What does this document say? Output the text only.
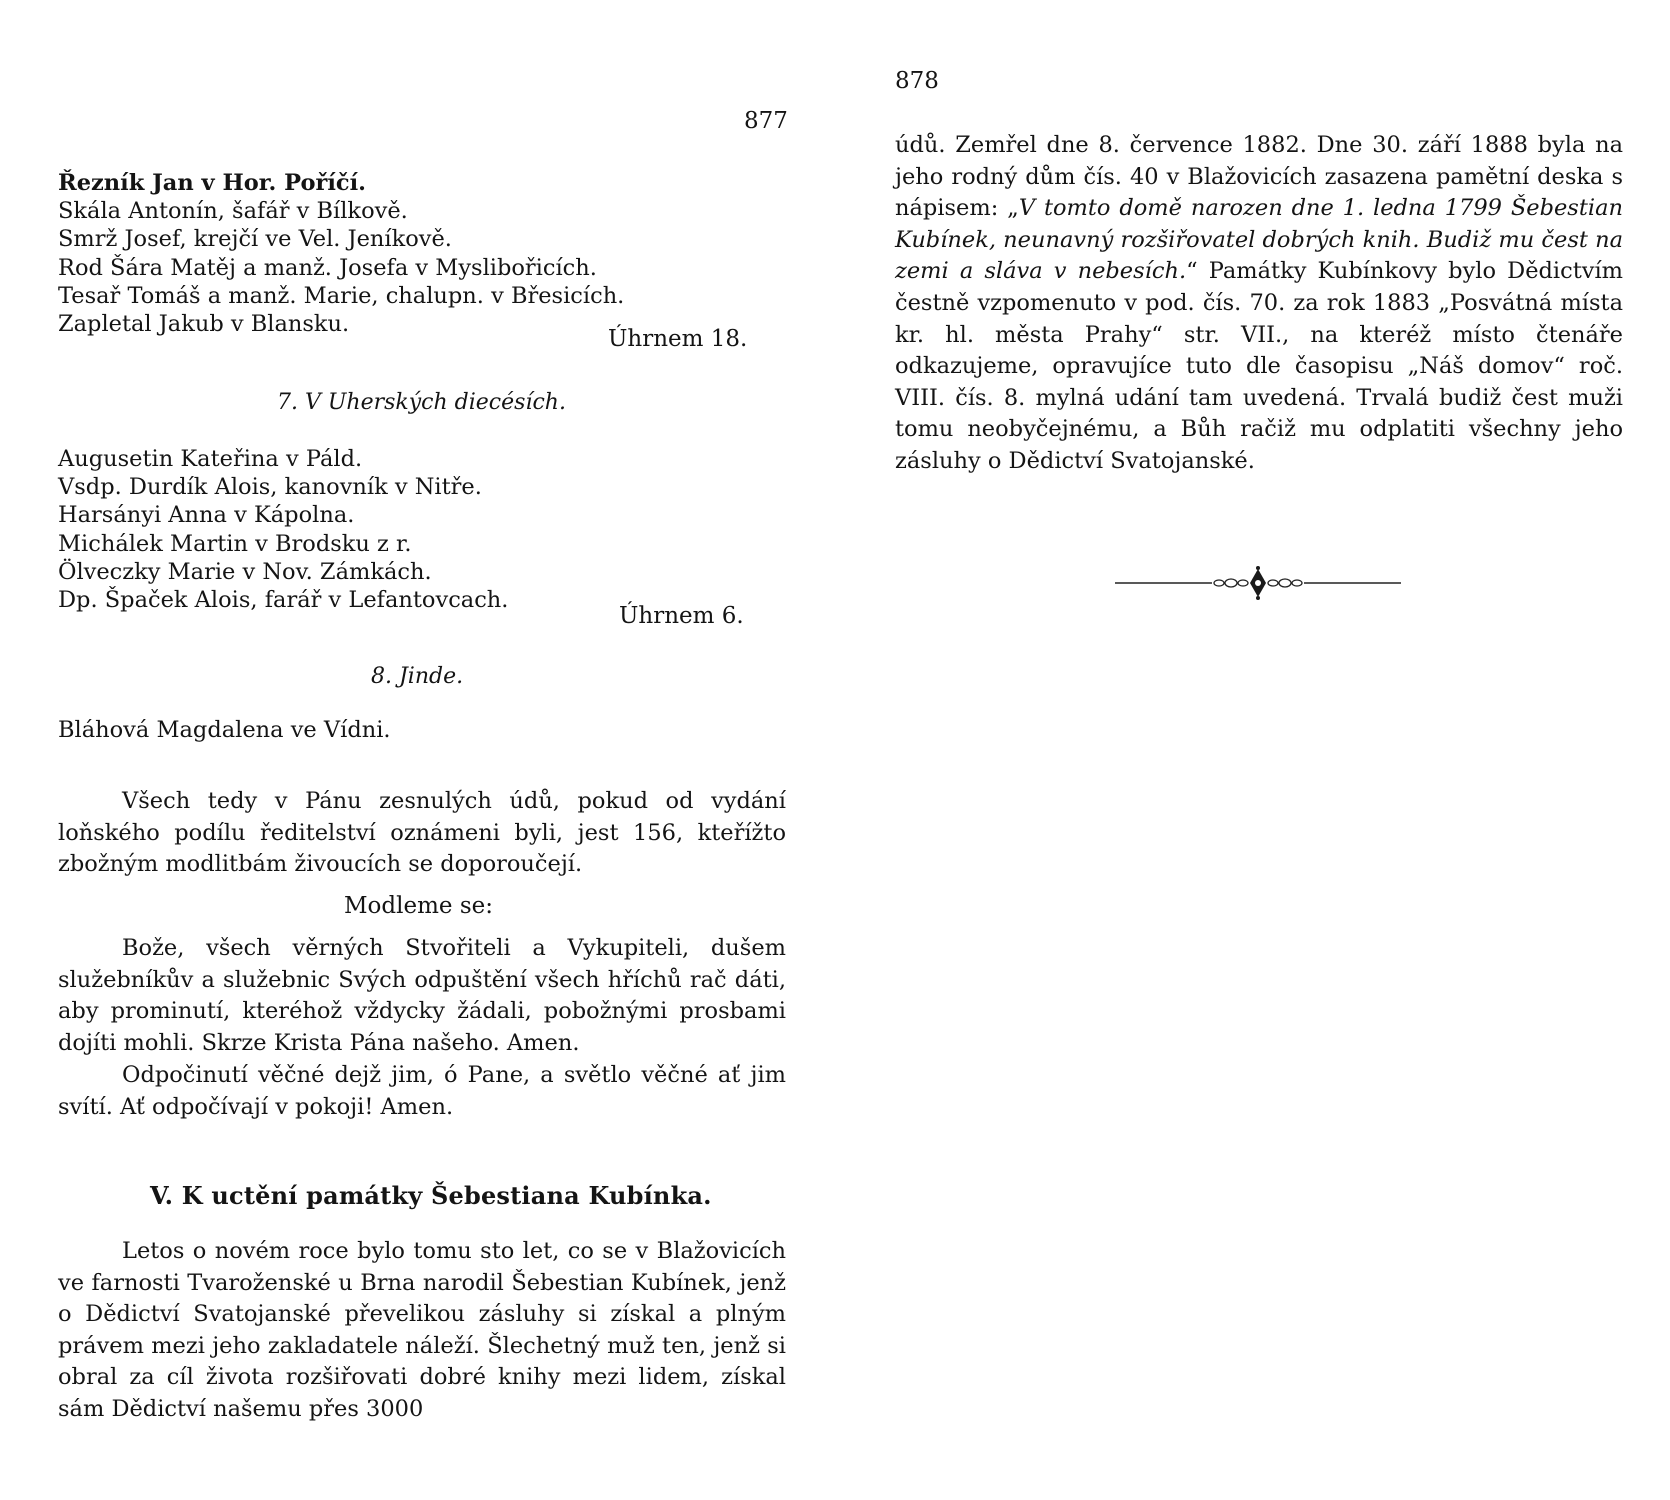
877
Řezník Jan v Hor. Poříčí.
Skála Antonín, šafář v Bílkově.
Smrž Josef, krejčí ve Vel. Jeníkově.
Rod Šára Matěj a manž. Josefa v Myslibořicích.
Tesař Tomáš a manž. Marie, chalupn. v Břesicích.
Zapletal Jakub v Blansku.
Úhrnem 18.
7. V Uherských diecésích.
Augusetin Kateřina v Páld.
Vsdp. Durdík Alois, kanovník v Nitře.
Harsányi Anna v Kápolna.
Michálek Martin v Brodsku z r.
Ölveczky Marie v Nov. Zámkách.
Dp. Špaček Alois, farář v Lefantovcach.
Úhrnem 6.
8. Jinde.
Bláhová Magdalena ve Vídni.

Všech tedy v Pánu zesnulých údů, pokud od vydání loňského podílu ředitelství oznámeni byli, jest 156, kteřížto zbožným modlitbám živoucích se doporoučejí.

Modleme se:

Bože, všech věrných Stvořiteli a Vykupiteli, dušem služebníkův a služebnic Svých odpuštění všech hříchů rač dáti, aby prominutí, kteréhož vždycky žádali, pobožnými prosbami dojíti mohli. Skrze Krista Pána našeho. Amen.

Odpočinutí věčné dejž jim, ó Pane, a světlo věčné ať jim svítí. Ať odpočívají v pokoji! Amen.

V. K uctění památky Šebestiana Kubínka.

Letos o novém roce bylo tomu sto let, co se v Blažovicích ve farnosti Tvaroženské u Brna narodil Šebestian Kubínek, jenž o Dědictví Svatojanské převelikou zásluhy si získal a plným právem mezi jeho zakladatele náleží. Šlechetný muž ten, jenž si obral za cíl života rozšiřovati dobré knihy mezi lidem, získal sám Dědictví našemu přes 3000

878

údů. Zemřel dne 8. července 1882. Dne 30. září 1888 byla na jeho rodný dům čís. 40 v Blažovicích zasazena pamětní deska s nápisem: „V tomto domě narozen dne 1. ledna 1799 Šebestian Kubínek, neunavný rozšiřovatel dobrých knih. Budiž mu čest na zemi a sláva v nebesích.“ Památky Kubínkovy bylo Dědictvím čestně vzpomenuto v pod. čís. 70. za rok 1883 „Posvátná místa kr. hl. města Prahy“ str. VII., na kteréž místo čtenáře odkazujeme, opravujíce tuto dle časopisu „Náš domov“ roč. VIII. čís. 8. mylná udání tam uvedená. Trvalá budiž čest muži tomu neobyčejnému, a Bůh račiž mu odplatiti všechny jeho zásluhy o Dědictví Svatojanské.
